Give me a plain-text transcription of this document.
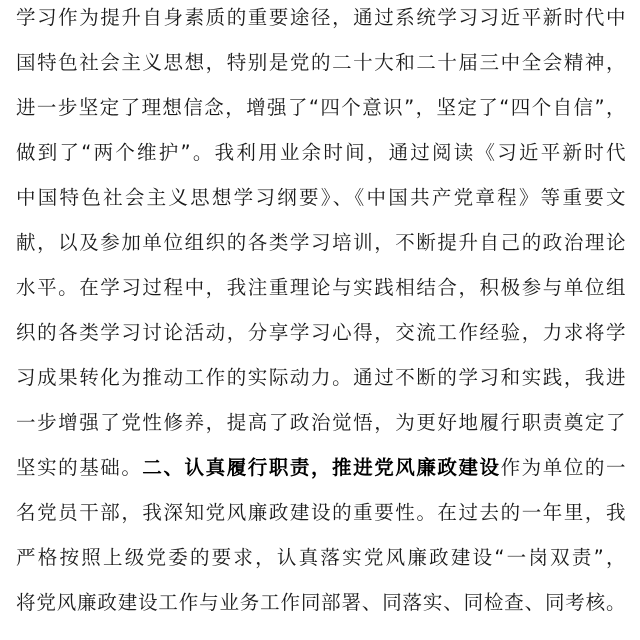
学习作为提升自身素质的重要途径，通过系统学习习近平新时代中
国特色社会主义思想，特别是党的二十大和二十届三中全会精神，
进一步坚定了理想信念，增强了“四个意识”，坚定了“四个自信”，
做到了“两个维护”。我利用业余时间，通过阅读《习近平新时代
中国特色社会主义思想学习纲要》、《中国共产党章程》等重要文
献，以及参加单位组织的各类学习培训，不断提升自己的政治理论
水平。在学习过程中，我注重理论与实践相结合，积极参与单位组
织的各类学习讨论活动，分享学习心得，交流工作经验，力求将学
习成果转化为推动工作的实际动力。通过不断的学习和实践，我进
一步增强了党性修养，提高了政治觉悟，为更好地履行职责奠定了
坚实的基础。二、认真履行职责，推进党风廉政建设作为单位的一
名党员干部，我深知党风廉政建设的重要性。在过去的一年里，我
严格按照上级党委的要求，认真落实党风廉政建设“一岗双责”，
将党风廉政建设工作与业务工作同部署、同落实、同检查、同考核。
